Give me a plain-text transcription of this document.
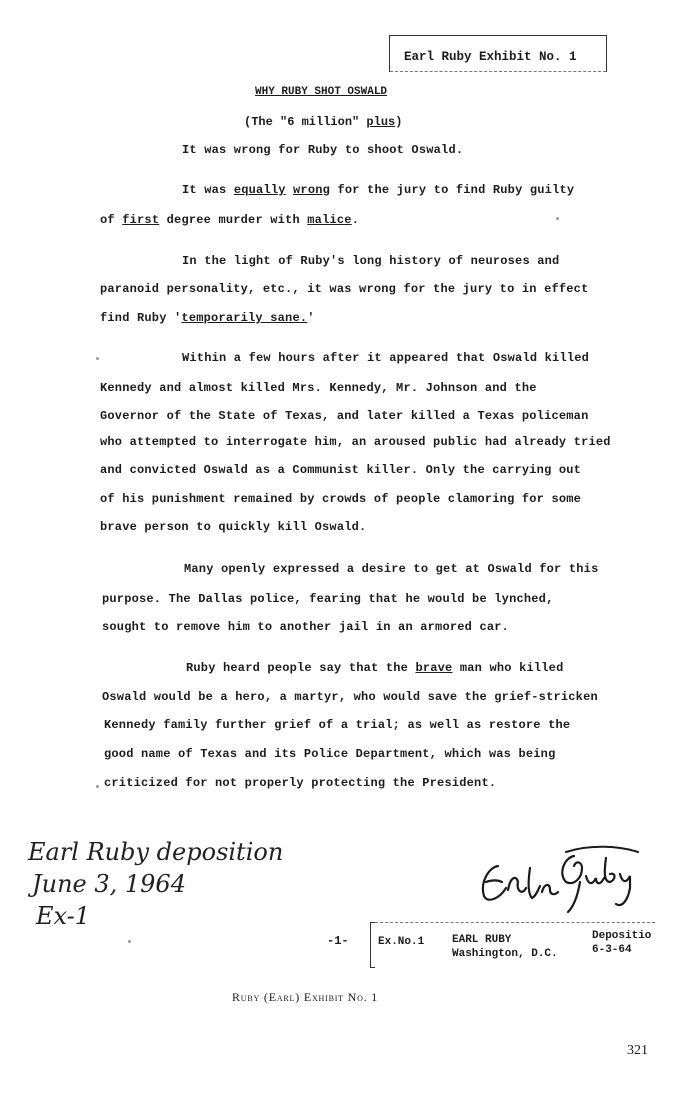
Earl Ruby Exhibit No. 1
WHY RUBY SHOT OSWALD
(The "6 million" plus)
It was wrong for Ruby to shoot Oswald.
It was equally wrong for the jury to find Ruby guilty
of first degree murder with malice.
In the light of Ruby's long history of neuroses and
paranoid personality, etc., it was wrong for the jury to in effect
find Ruby 'temporarily sane.'
Within a few hours after it appeared that Oswald killed
Kennedy and almost killed Mrs. Kennedy, Mr. Johnson and the
Governor of the State of Texas, and later killed a Texas policeman
who attempted to interrogate him, an aroused public had already tried
and convicted Oswald as a Communist killer. Only the carrying out
of his punishment remained by crowds of people clamoring for some
brave person to quickly kill Oswald.
Many openly expressed a desire to get at Oswald for this
purpose. The Dallas police, fearing that he would be lynched,
sought to remove him to another jail in an armored car.
Ruby heard people say that the brave man who killed
Oswald would be a hero, a martyr, who would save the grief-stricken
Kennedy family further grief of a trial; as well as restore the
good name of Texas and its Police Department, which was being
criticized for not properly protecting the President.
Earl Ruby deposition
June 3, 1964
Ex-1
-1-	Ex.No.1	EARL RUBY
Washington, D.C.
Depositio
6-3-64
Ruby (Earl) Exhibit No. 1
321
